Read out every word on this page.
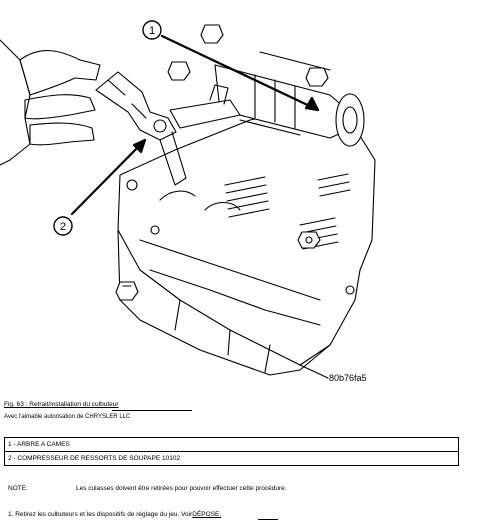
1
2
80b76fa5
Fig. 63 : Retrait/installation du culbuteur
Avec l'aimable autorisation de CHRYSLER LLC
1 - ARBRE A CAMES
2 - COMPRESSEUR DE RESSORTS DE SOUPAPE 10102
NOTE:	Les culasses doivent être retirées pour pouvoir effectuer cette procédure.
1. Retirez les culbuteurs et les dispositifs de réglage du jeu. VoirDÉPOSE.
